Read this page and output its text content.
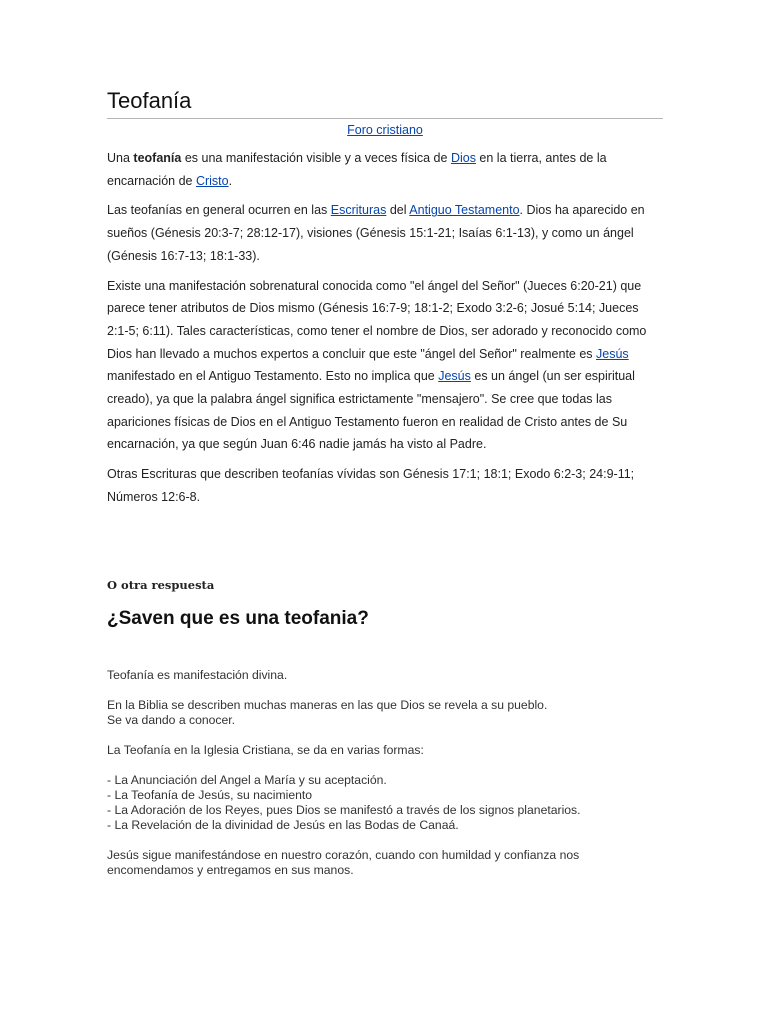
Teofanía
Foro cristiano

Una teofanía es una manifestación visible y a veces física de Dios en la tierra, antes de la encarnación de Cristo.

Las teofanías en general ocurren en las Escrituras del Antiguo Testamento. Dios ha aparecido en sueños (Génesis 20:3-7; 28:12-17), visiones (Génesis 15:1-21; Isaías 6:1-13), y como un ángel (Génesis 16:7-13; 18:1-33).

Existe una manifestación sobrenatural conocida como "el ángel del Señor" (Jueces 6:20-21) que parece tener atributos de Dios mismo (Génesis 16:7-9; 18:1-2; Exodo 3:2-6; Josué 5:14; Jueces 2:1-5; 6:11). Tales características, como tener el nombre de Dios, ser adorado y reconocido como Dios han llevado a muchos expertos a concluir que este "ángel del Señor" realmente es Jesús manifestado en el Antiguo Testamento. Esto no implica que Jesús es un ángel (un ser espiritual creado), ya que la palabra ángel significa estrictamente "mensajero". Se cree que todas las apariciones físicas de Dios en el Antiguo Testamento fueron en realidad de Cristo antes de Su encarnación, ya que según Juan 6:46 nadie jamás ha visto al Padre.

Otras Escrituras que describen teofanías vívidas son Génesis 17:1; 18:1; Exodo 6:2-3; 24:9-11; Números 12:6-8.

O otra respuesta
¿Saven que es una teofania?

Teofanía es manifestación divina.

En la Biblia se describen muchas maneras en las que Dios se revela a su pueblo.
Se va dando a conocer.

La Teofanía en la Iglesia Cristiana, se da en varias formas:

- La Anunciación del Angel a María y su aceptación.
- La Teofanía de Jesús, su nacimiento
- La Adoración de los Reyes, pues Dios se manifestó a través de los signos planetarios.
- La Revelación de la divinidad de Jesús en las Bodas de Canaá.

Jesús sigue manifestándose en nuestro corazón, cuando con humildad y confianza nos
encomendamos y entregamos en sus manos.
